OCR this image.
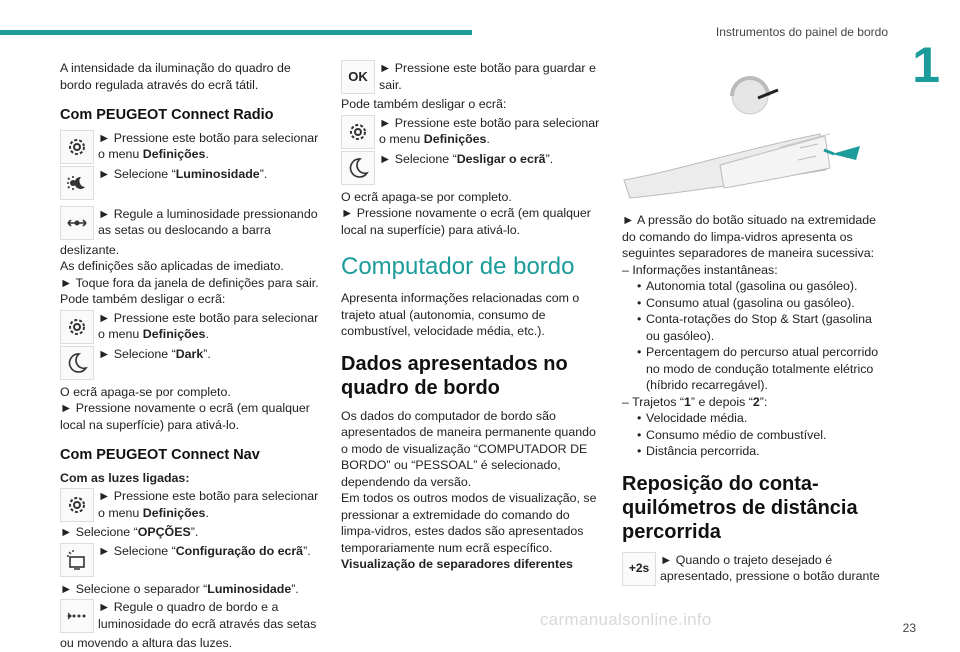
Instrumentos do painel de bordo
1

A intensidade da iluminação do quadro de bordo regulada através do ecrã tátil.

Com PEUGEOT Connect Radio
► Pressione este botão para selecionar o menu Definições.
► Selecione “Luminosidade”.
► Regule a luminosidade pressionando as setas ou deslocando a barra

deslizante.

As definições são aplicadas de imediato.

► Toque fora da janela de definições para sair.

Pode também desligar o ecrã:

► Pressione este botão para selecionar o menu Definições.
► Selecione “Dark”.

O ecrã apaga-se por completo.

► Pressione novamente o ecrã (em qualquer local na superfície) para ativá-lo.

Com PEUGEOT Connect Nav

Com as luzes ligadas:

► Pressione este botão para selecionar o menu Definições.

► Selecione “OPÇÕES”.

► Selecione “Configuração do ecrã”.

► Selecione o separador “Luminosidade”.

► Regule o quadro de bordo e a luminosidade do ecrã através das setas

ou movendo a altura das luzes.

OK
► Pressione este botão para guardar e sair.

Pode também desligar o ecrã:

► Pressione este botão para selecionar o menu Definições.
► Selecione “Desligar o ecrã”.

O ecrã apaga-se por completo.

► Pressione novamente o ecrã (em qualquer local na superfície) para ativá-lo.

Computador de bordo

Apresenta informações relacionadas com o trajeto atual (autonomia, consumo de combustível, velocidade média, etc.).

Dados apresentados no quadro de bordo

Os dados do computador de bordo são apresentados de maneira permanente quando o modo de visualização “COMPUTADOR DE BORDO” ou “PESSOAL” é selecionado, dependendo da versão.

Em todos os outros modos de visualização, se pressionar a extremidade do comando do limpa-vidros, estes dados são apresentados temporariamente num ecrã específico.

Visualização de separadores diferentes

► A pressão do botão situado na extremidade do comando do limpa-vidros apresenta os seguintes separadores de maneira sucessiva:

– Informações instantâneas:

• Autonomia total (gasolina ou gasóleo).
• Consumo atual (gasolina ou gasóleo).
• Conta-rotações do Stop & Start (gasolina ou gasóleo).
• Percentagem do percurso atual percorrido no modo de condução totalmente elétrico (híbrido recarregável).

– Trajetos “1” e depois “2”:

• Velocidade média.
• Consumo médio de combustível.
• Distância percorrida.
Reposição do conta-quilómetros de distância percorrida
+2s
► Quando o trajeto desejado é apresentado, pressione o botão durante
carmanualsonline.info	23
